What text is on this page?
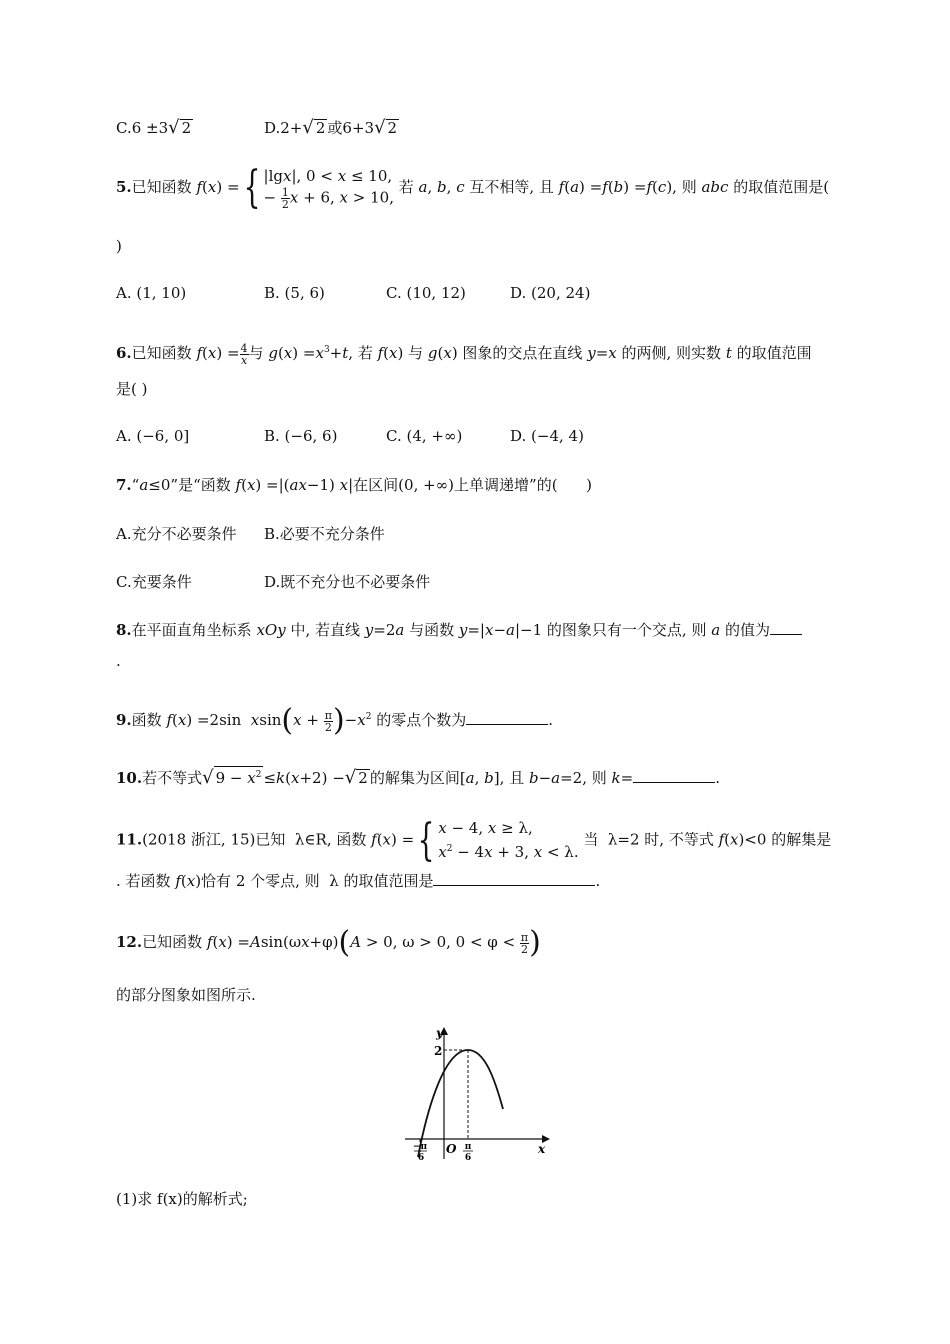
C.6 ±3√ 2	D.2+√ 2 或6+3√ 2
5.已知函数 f(x) ={ |lgx|, 0 < x ≤ 10,
− $\frac{1}{2}$ x + 6, x > 10,
若 a, b, c 互不相等, 且 f(a) =f(b) =f(c), 则 abc 的取值范围是(
)
A. (1, 10)	B. (5, 6)	C. (10, 12)	D. (20, 24)
6.已知函数 $f(x) = \frac{4}{x}$ 与 $g(x) =x^3+t$, 若 f(x) 与 g(x) 图象的交点在直线 y=x 的两侧, 则实数 t 的取值范围
是( )
A. (−6, 0]	B. (−6, 6)	C. (4, +∞)	D. (−4, 4)
7.“a≤0”是“函数 f(x) =|(ax−1) x|在区间(0, +∞)上单调递增”的(      )
A.充分不必要条件 B.必要不充分条件
C.充要条件	D.既不充分也不必要条件
8.在平面直角坐标系 xOy 中, 若直线 y=2a 与函数 y=|x−a|−1 的图象只有一个交点, 则 a 的值为
.
9.函数 f(x) =2sin  $xsin(x + \frac{\pi}{2} )-x^2$ 的零点个数为	.
10.若不等式√ $9 - x^2 \le k(x+2)$ −√ 2 的解集为区间[a, b], 且 b−a=2, 则 k=	.
11.(2018 浙江, 15)已知  λ∈R, 函数 f(x) ={ x − 4, x ≥ λ,
$x^2 - 4x + 3$, x < λ.
当  λ=2 时, 不等式 f(x)<0 的解集是
. 若函数 f(x)恰有 2 个零点, 则  λ 的取值范围是	.
12.已知函数 f(x) =Asin(ωx+φ)(A > 0, ω > 0, $0 < \varphi < \frac{\pi}{2}$ )
的部分图象如图所示.
y
x
2
O
−π
6
π
6
(1)求 f(x)的解析式;
